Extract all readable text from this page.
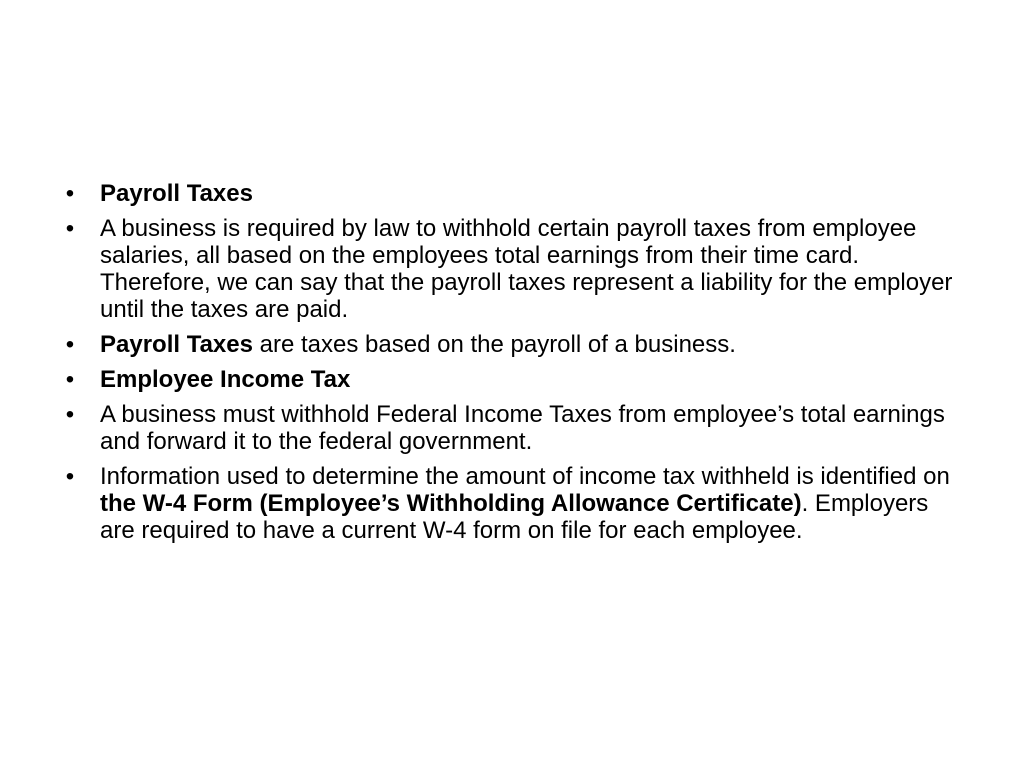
• Payroll Taxes
• A business is required by law to withhold certain payroll taxes from employee salaries, all based on the employees total earnings from their time card. Therefore, we can say that the payroll taxes represent a liability for the employer until the taxes are paid.
• Payroll Taxes are taxes based on the payroll of a business.
• Employee Income Tax
• A business must withhold Federal Income Taxes from employee’s total earnings and forward it to the federal government.
• Information used to determine the amount of income tax withheld is identified on the W-4 Form (Employee’s Withholding Allowance Certificate). Employers are required to have a current W-4 form on file for each employee.
